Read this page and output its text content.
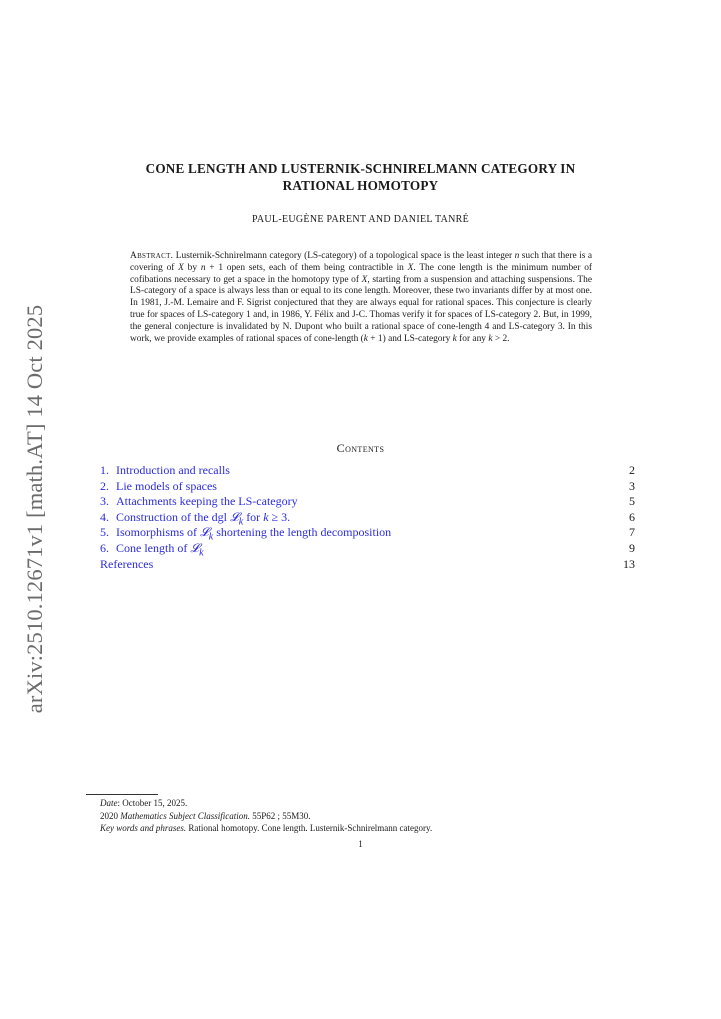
arXiv:2510.12671v1 [math.AT] 14 Oct 2025
CONE LENGTH AND LUSTERNIK-SCHNIRELMANN CATEGORY IN
RATIONAL HOMOTOPY
PAUL-EUGÈNE PARENT AND DANIEL TANRÉ
Abstract. Lusternik-Schnirelmann category (LS-category) of a topological space is the least integer n such that there is a covering of X by n + 1 open sets, each of them being contractible in X. The cone length is the minimum number of cofibations necessary to get a space in the homotopy type of X, starting from a suspension and attaching suspensions. The LS-category of a space is always less than or equal to its cone length. Moreover, these two invariants differ by at most one. In 1981, J.-M. Lemaire and F. Sigrist conjectured that they are always equal for rational spaces. This conjecture is clearly true for spaces of LS-category 1 and, in 1986, Y. Félix and J-C. Thomas verify it for spaces of LS-category 2. But, in 1999, the general conjecture is invalidated by N. Dupont who built a rational space of cone-length 4 and LS-category 3. In this work, we provide examples of rational spaces of cone-length (k + 1) and LS-category k for any k > 2.
Contents
1. Introduction and recalls	2
2. Lie models of spaces	3
3. Attachments keeping the LS-category	5
4. Construction of the dgl 𝓛$_k$ for k ≥ 3.	6
5. Isomorphisms of 𝓛$_k$ shortening the length decomposition	7
6. Cone length of 𝓛$_k$	9
References	13
Date: October 15, 2025.
2020 Mathematics Subject Classification. 55P62 ; 55M30.
Key words and phrases. Rational homotopy. Cone length. Lusternik-Schnirelmann category.
1
